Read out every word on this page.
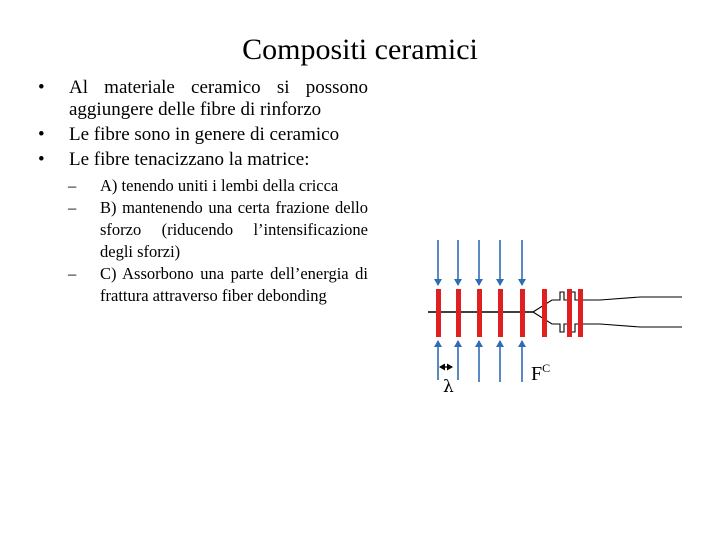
Compositi ceramici
• Al materiale ceramico si possono aggiungere delle fibre di rinforzo
• Le fibre sono in genere di ceramico
• Le fibre tenacizzano la matrice:
– A) tenendo uniti i lembi della cricca
– B) mantenendo una certa frazione dello sforzo (riducendo l’intensificazione degli sforzi)
– C) Assorbono una parte dell’energia di frattura attraverso fiber debonding
λ
$F^C$
